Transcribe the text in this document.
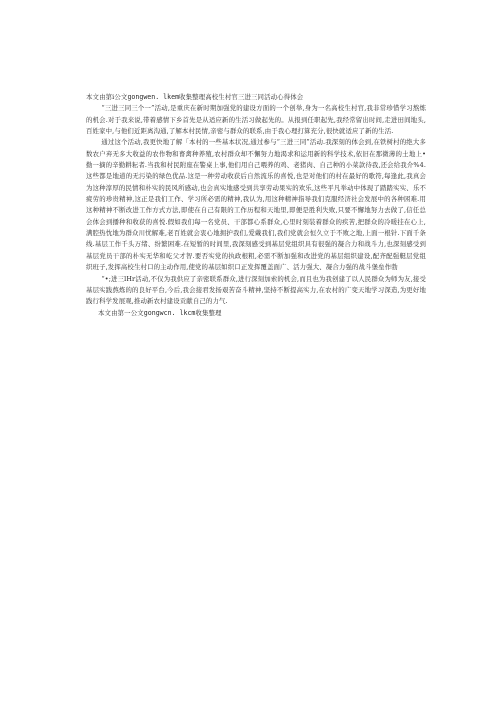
本文由第i公文gongwen. lkem收集整理高校生村官三进三同活动心得体会

“三进三同三个一”活动,是重庆在新时期加强党的建设方面的一个创举,身为一名高校生村官,我非常珍惜学习熬炼的机会.对于我来说,带着感情下乡首先是从适应新的生活习做起先的。从报到任职起先,我经常留出时间,走进田间地头,百姓家中,与他们近距离沟通,了解本村民情,亲密与群众的联系,由于我心理打算充分,很快就适应了新的生活.

通过这个活动,我更快地了解「本村的一些基本状况,通过参与“三进三同”活动.我深刻的体会到,在铁树村的绝大多数农户弃无多大收益的农作物和畜禽种养殖,农村群众却不懈努力地渴求和运用新的科学技术,依旧在那微薄的土地上•勤一摘的辛勤耕耘者.当我和村民附座在警桌上事,他们用自己喂养的鸡、老猪肉、自己种的小菜款待我,还会给我介%4.这些都是地道的无污染的绿色优品.这是一种劳动收获后自然流乐的喜悦,也是对他们的村在最好的歌符,每逢此,我真会为这种淳厚的民情和朴实的民风所感动,也会真实地感受到共享劳动果实的欢乐,这些平凡举动中体现了踏踏实实、乐不疲劳的珍贵精神,这正是我们工作、学习所必需的精神,我认为,用这种精神指导我们克服经济社会发展中的各种困难.用这种精神不断改进工作方式方法,即使在自己有限的工作历程和天地里,即便是胜利失败,只要不懈地努力去做了,信任总会体会到播种和收获的喜悦.假如我们每一名党员、干部都心系群众,心里时刻装着群众的疾苦,把群众的冷暖挂在心上,满腔热忱地为群众川忧解难,老百姓就会衷心地拥护我们,爱戴我们,我们党就会恒久立于不败之地,上面一根针.下面千条线.基层工作千头万绪、纷繁困难.在短暂的时间里,我深刻感受到基层党组织具有很强的凝合力和战斗力,也深刻感受到基层党员干部的朴实无华和屹父才智.要否实党的执政根粗,必需不断加强和改进党的基层组织建设,配齐配强艇层党组织班子,发挥高校生村口的主动作用,使党的基层如织口正发挥覆盖面广、活力强大、凝合力强的战斗堡垒作勃

“•;进三lHr活动,不仅为我供应了亲密联系群众,进行深刻加索的机会,而且也为我创建了以人民群众为师为友,接受基层实践熬炼的的良好平台,今后,我会接君发扬艰苦奋斗精神,坚持不断提高实力,在农村的广变天地学习深造,为更好地践行科学发展观,推动新农村建设贡献自己的力气.

本文由第一公文gongwcn. lkcm收集整理
